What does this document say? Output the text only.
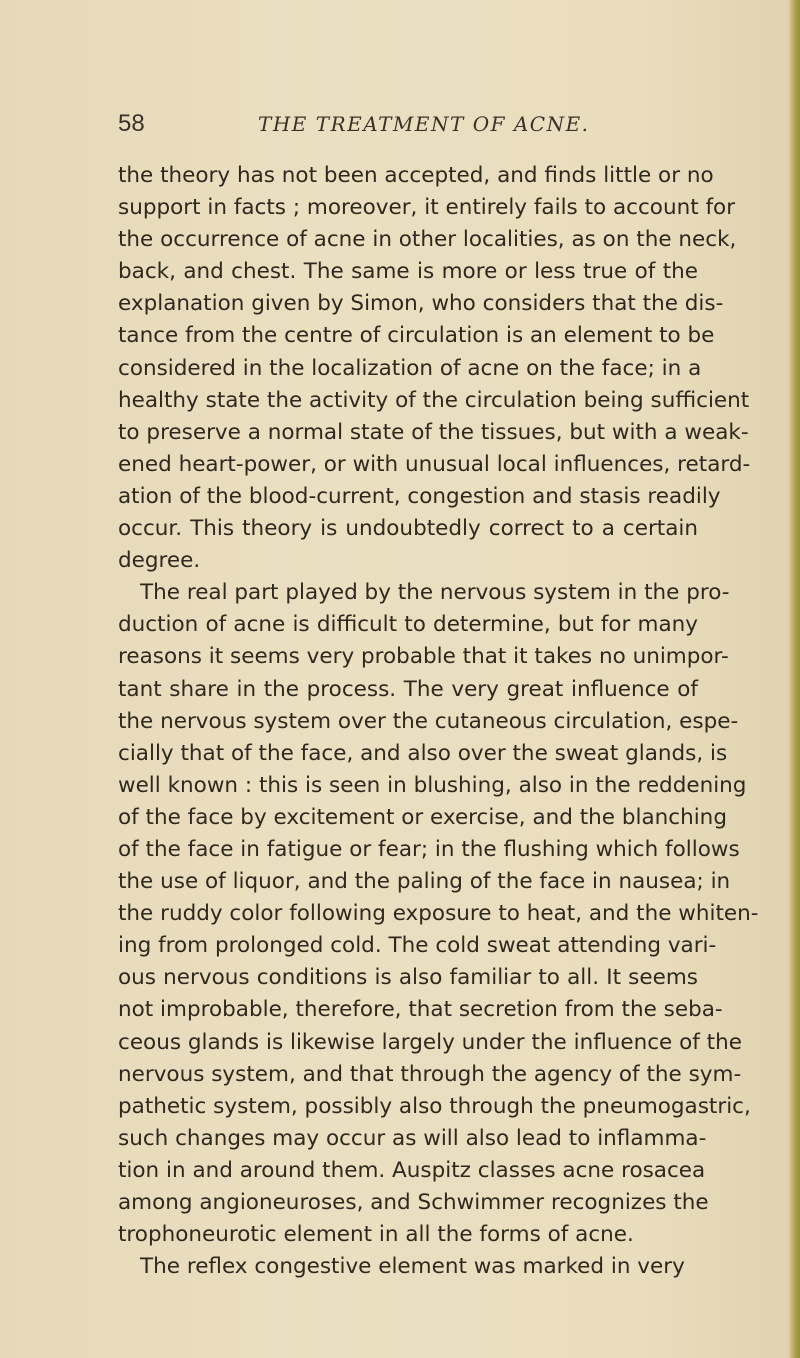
58	THE TREATMENT OF ACNE.
the theory has not been accepted, and finds little or no
support in facts ; moreover, it entirely fails to account for
the occurrence of acne in other localities, as on the neck,
back, and chest. The same is more or less true of the
explanation given by Simon, who considers that the dis-
tance from the centre of circulation is an element to be
considered in the localization of acne on the face; in a
healthy state the activity of the circulation being sufficient
to preserve a normal state of the tissues, but with a weak-
ened heart-power, or with unusual local influences, retard-
ation of the blood-current, congestion and stasis readily
occur. This theory is undoubtedly correct to a certain
degree.
The real part played by the nervous system in the pro-
duction of acne is difficult to determine, but for many
reasons it seems very probable that it takes no unimpor-
tant share in the process. The very great influence of
the nervous system over the cutaneous circulation, espe-
cially that of the face, and also over the sweat glands, is
well known : this is seen in blushing, also in the reddening
of the face by excitement or exercise, and the blanching
of the face in fatigue or fear; in the flushing which follows
the use of liquor, and the paling of the face in nausea; in
the ruddy color following exposure to heat, and the whiten-
ing from prolonged cold. The cold sweat attending vari-
ous nervous conditions is also familiar to all. It seems
not improbable, therefore, that secretion from the seba-
ceous glands is likewise largely under the influence of the
nervous system, and that through the agency of the sym-
pathetic system, possibly also through the pneumogastric,
such changes may occur as will also lead to inflamma-
tion in and around them. Auspitz classes acne rosacea
among angioneuroses, and Schwimmer recognizes the
trophoneurotic element in all the forms of acne.
The reflex congestive element was marked in very
